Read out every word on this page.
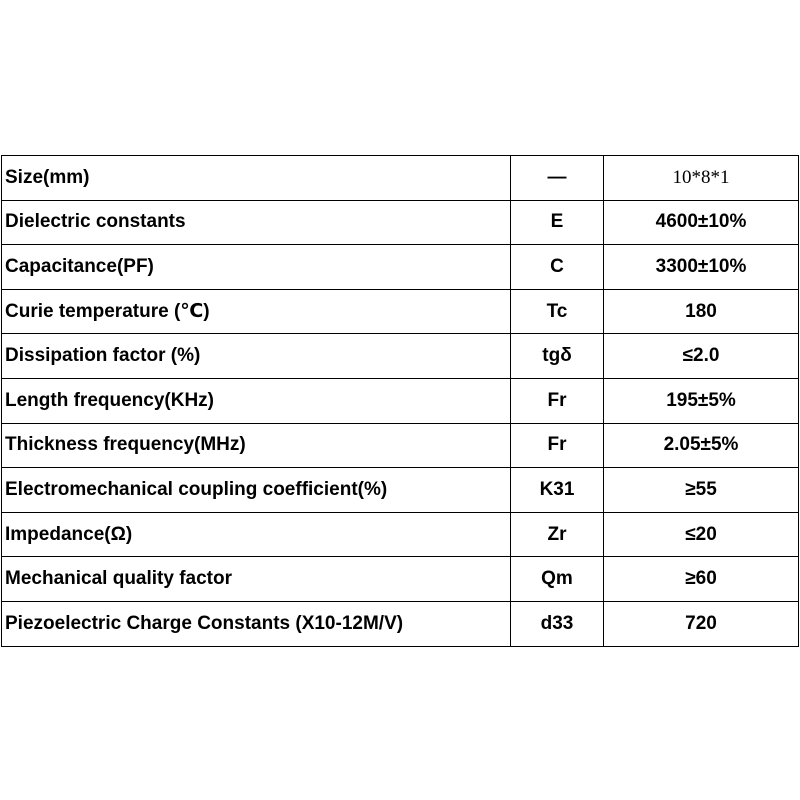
Size(mm)	—	10*8*1
Dielectric constants	E	4600±10%
Capacitance(PF)	C	3300±10%
Curie temperature (℃)	Tc	180
Dissipation factor (%)	tgδ	≤2.0
Length frequency(KHz)	Fr	195±5%
Thickness frequency(MHz)	Fr	2.05±5%
Electromechanical coupling coefficient(%)	K31	≥55
Impedance(Ω)	Zr	≤20
Mechanical quality factor	Qm	≥60
Piezoelectric Charge Constants (X10-12M/V)	d33	720
